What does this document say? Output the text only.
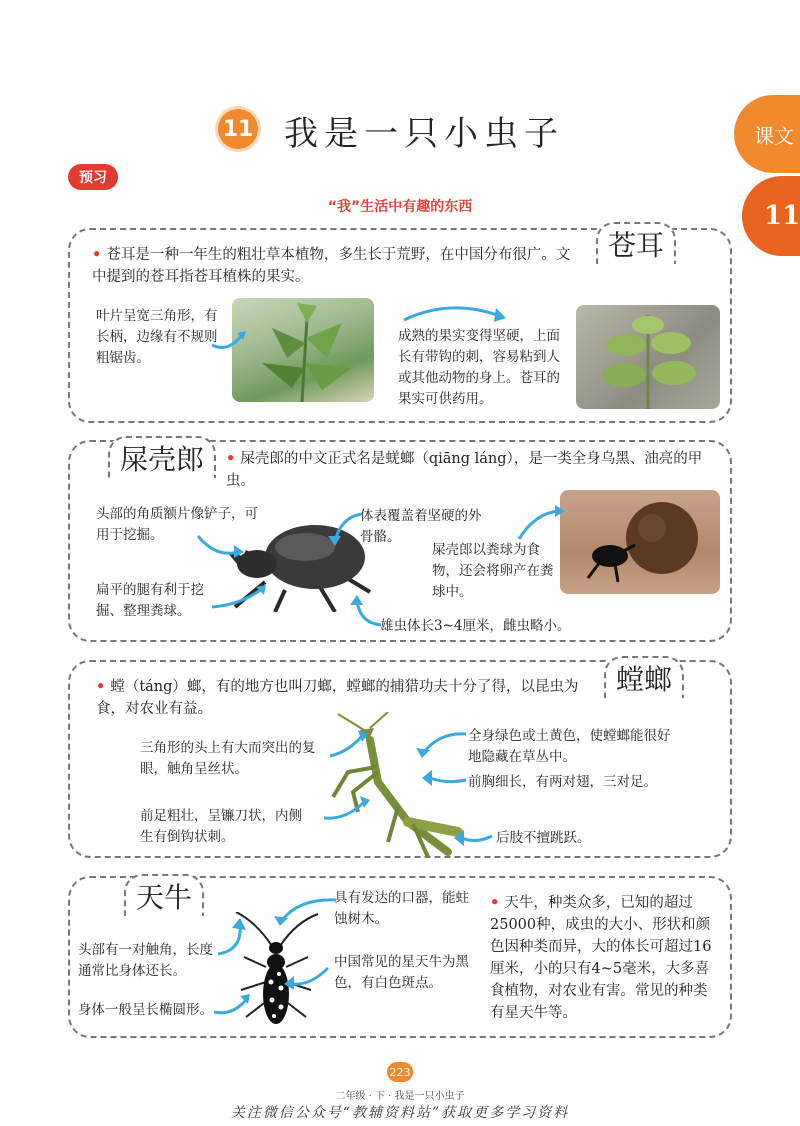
11 我是一只小虫子	课文
11
预习
“我”生活中有趣的东西
苍耳
• 苍耳是一种一年生的粗壮草本植物，多生长于荒野，在中国分布很广。文中提到的苍耳指苍耳植株的果实。
叶片呈宽三角形，有长柄，边缘有不规则粗锯齿。
成熟的果实变得坚硬，上面长有带钩的刺，容易粘到人或其他动物的身上。苍耳的果实可供药用。
屎壳郎	• 屎壳郎的中文正式名是蜣螂（qiāng láng），是一类全身乌黑、油亮的甲虫。
头部的角质额片像铲子，可用于挖掘。
扁平的腿有利于挖掘、整理粪球。
体表覆盖着坚硬的外骨骼。
屎壳郎以粪球为食物，还会将卵产在粪球中。
雄虫体长3~4厘米，雌虫略小。
螳螂
• 螳（táng）螂，有的地方也叫刀螂，螳螂的捕猎功夫十分了得，以昆虫为食，对农业有益。
三角形的头上有大而突出的复眼，触角呈丝状。
前足粗壮，呈镰刀状，内侧生有倒钩状刺。
全身绿色或土黄色，使螳螂能很好地隐藏在草丛中。
前胸细长，有两对翅，三对足。
后肢不擅跳跃。
天牛
头部有一对触角，长度通常比身体还长。
身体一般呈长椭圆形。
具有发达的口器，能蛀蚀树木。
中国常见的星天牛为黑色，有白色斑点。
• 天牛，种类众多，已知的超过25000种，成虫的大小、形状和颜色因种类而异，大的体长可超过16厘米，小的只有4~5毫米，大多喜食植物，对农业有害。常见的种类有星天牛等。
223
二年级 · 下 · 我是一只小虫子
关注微信公众号“教辅资料站”获取更多学习资料
